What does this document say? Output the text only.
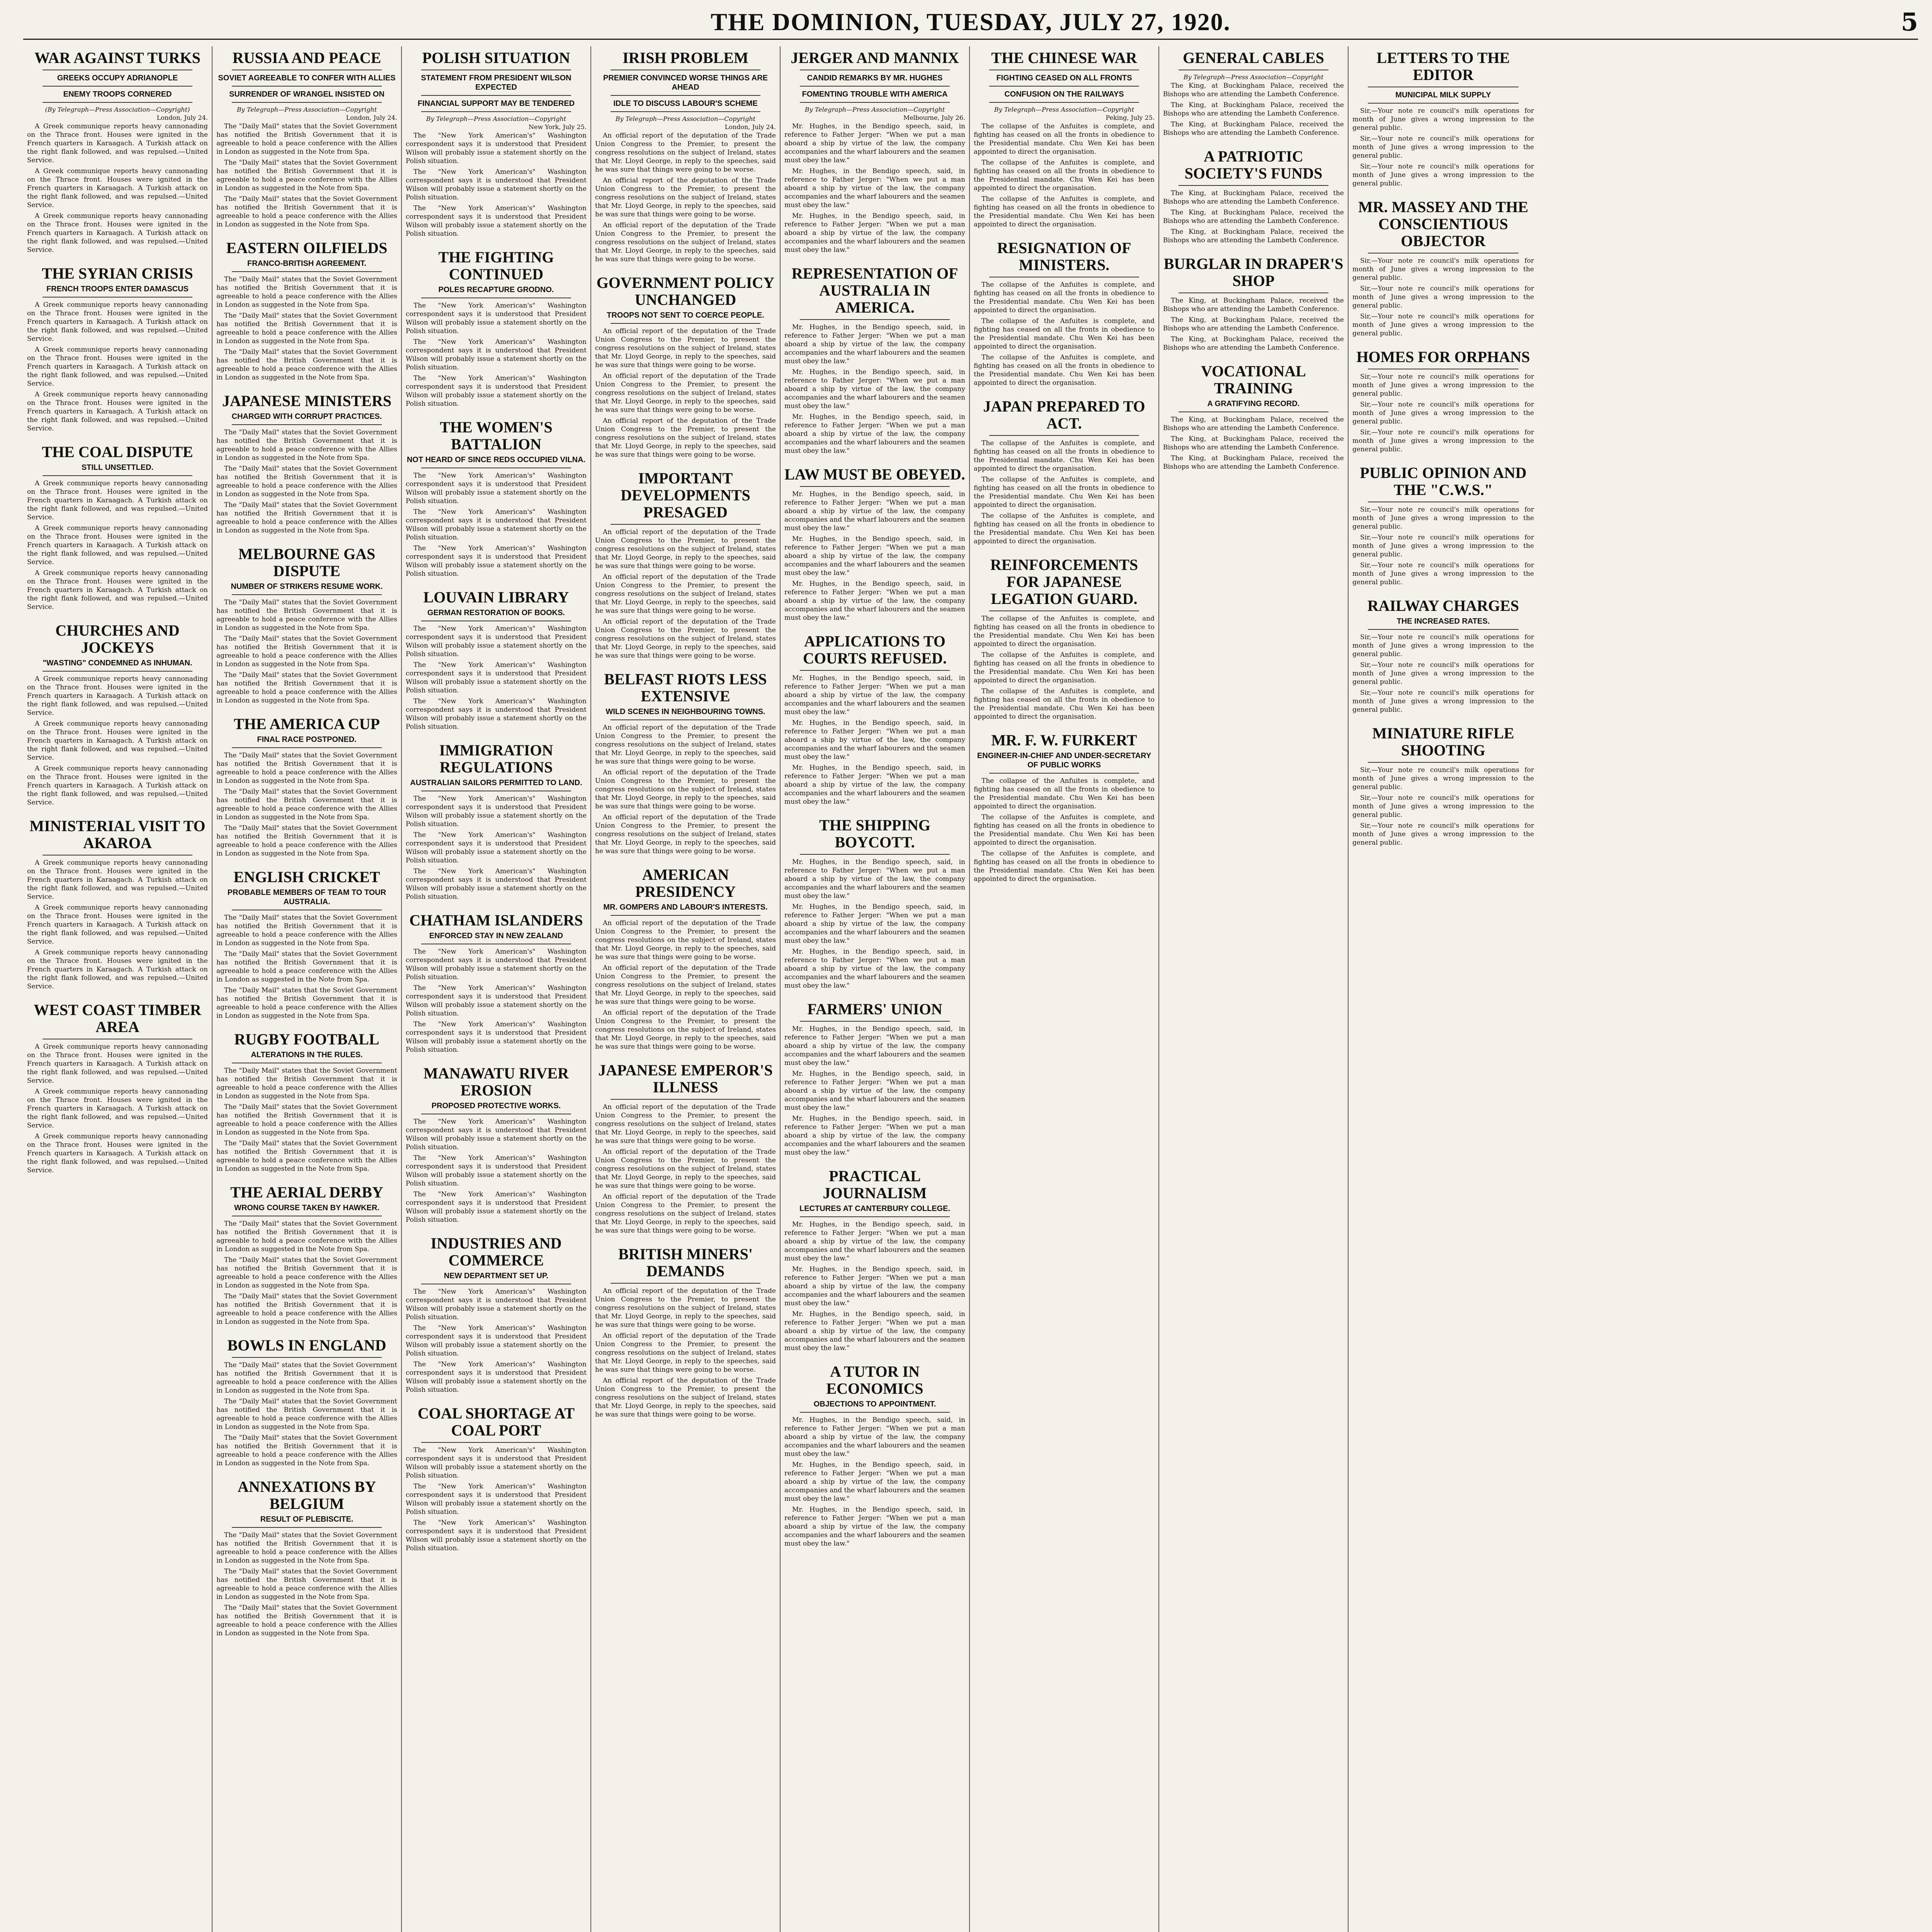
THE DOMINION, TUESDAY, JULY 27, 1920.	5
WAR AGAINST TURKS
GREEKS OCCUPY ADRIANOPLE
ENEMY TROOPS CORNERED
(By Telegraph—Press Association—Copyright)
London, July 24.

A Greek communique reports heavy cannonading on the Thrace front. Houses were ignited in the French quarters in Karaagach. A Turkish attack on the right flank followed, and was repulsed.—United Service.

A Greek communique reports heavy cannonading on the Thrace front. Houses were ignited in the French quarters in Karaagach. A Turkish attack on the right flank followed, and was repulsed.—United Service.

A Greek communique reports heavy cannonading on the Thrace front. Houses were ignited in the French quarters in Karaagach. A Turkish attack on the right flank followed, and was repulsed.—United Service.

THE SYRIAN CRISIS
FRENCH TROOPS ENTER DAMASCUS

A Greek communique reports heavy cannonading on the Thrace front. Houses were ignited in the French quarters in Karaagach. A Turkish attack on the right flank followed, and was repulsed.—United Service.

A Greek communique reports heavy cannonading on the Thrace front. Houses were ignited in the French quarters in Karaagach. A Turkish attack on the right flank followed, and was repulsed.—United Service.

A Greek communique reports heavy cannonading on the Thrace front. Houses were ignited in the French quarters in Karaagach. A Turkish attack on the right flank followed, and was repulsed.—United Service.

THE COAL DISPUTE
STILL UNSETTLED.

A Greek communique reports heavy cannonading on the Thrace front. Houses were ignited in the French quarters in Karaagach. A Turkish attack on the right flank followed, and was repulsed.—United Service.

A Greek communique reports heavy cannonading on the Thrace front. Houses were ignited in the French quarters in Karaagach. A Turkish attack on the right flank followed, and was repulsed.—United Service.

A Greek communique reports heavy cannonading on the Thrace front. Houses were ignited in the French quarters in Karaagach. A Turkish attack on the right flank followed, and was repulsed.—United Service.

CHURCHES AND JOCKEYS
"WASTING" CONDEMNED AS INHUMAN.

A Greek communique reports heavy cannonading on the Thrace front. Houses were ignited in the French quarters in Karaagach. A Turkish attack on the right flank followed, and was repulsed.—United Service.

A Greek communique reports heavy cannonading on the Thrace front. Houses were ignited in the French quarters in Karaagach. A Turkish attack on the right flank followed, and was repulsed.—United Service.

A Greek communique reports heavy cannonading on the Thrace front. Houses were ignited in the French quarters in Karaagach. A Turkish attack on the right flank followed, and was repulsed.—United Service.

MINISTERIAL VISIT TO AKAROA

A Greek communique reports heavy cannonading on the Thrace front. Houses were ignited in the French quarters in Karaagach. A Turkish attack on the right flank followed, and was repulsed.—United Service.

A Greek communique reports heavy cannonading on the Thrace front. Houses were ignited in the French quarters in Karaagach. A Turkish attack on the right flank followed, and was repulsed.—United Service.

A Greek communique reports heavy cannonading on the Thrace front. Houses were ignited in the French quarters in Karaagach. A Turkish attack on the right flank followed, and was repulsed.—United Service.

WEST COAST TIMBER AREA

A Greek communique reports heavy cannonading on the Thrace front. Houses were ignited in the French quarters in Karaagach. A Turkish attack on the right flank followed, and was repulsed.—United Service.

A Greek communique reports heavy cannonading on the Thrace front. Houses were ignited in the French quarters in Karaagach. A Turkish attack on the right flank followed, and was repulsed.—United Service.

A Greek communique reports heavy cannonading on the Thrace front. Houses were ignited in the French quarters in Karaagach. A Turkish attack on the right flank followed, and was repulsed.—United Service.

RUSSIA AND PEACE
SOVIET AGREEABLE TO CONFER WITH ALLIES
SURRENDER OF WRANGEL INSISTED ON
By Telegraph—Press Association—Copyright
London, July 24.

The "Daily Mail" states that the Soviet Government has notified the British Government that it is agreeable to hold a peace conference with the Allies in London as suggested in the Note from Spa.

The "Daily Mail" states that the Soviet Government has notified the British Government that it is agreeable to hold a peace conference with the Allies in London as suggested in the Note from Spa.

The "Daily Mail" states that the Soviet Government has notified the British Government that it is agreeable to hold a peace conference with the Allies in London as suggested in the Note from Spa.

EASTERN OILFIELDS
FRANCO-BRITISH AGREEMENT.

The "Daily Mail" states that the Soviet Government has notified the British Government that it is agreeable to hold a peace conference with the Allies in London as suggested in the Note from Spa.

The "Daily Mail" states that the Soviet Government has notified the British Government that it is agreeable to hold a peace conference with the Allies in London as suggested in the Note from Spa.

The "Daily Mail" states that the Soviet Government has notified the British Government that it is agreeable to hold a peace conference with the Allies in London as suggested in the Note from Spa.

JAPANESE MINISTERS
CHARGED WITH CORRUPT PRACTICES.

The "Daily Mail" states that the Soviet Government has notified the British Government that it is agreeable to hold a peace conference with the Allies in London as suggested in the Note from Spa.

The "Daily Mail" states that the Soviet Government has notified the British Government that it is agreeable to hold a peace conference with the Allies in London as suggested in the Note from Spa.

The "Daily Mail" states that the Soviet Government has notified the British Government that it is agreeable to hold a peace conference with the Allies in London as suggested in the Note from Spa.

MELBOURNE GAS DISPUTE
NUMBER OF STRIKERS RESUME WORK.

The "Daily Mail" states that the Soviet Government has notified the British Government that it is agreeable to hold a peace conference with the Allies in London as suggested in the Note from Spa.

The "Daily Mail" states that the Soviet Government has notified the British Government that it is agreeable to hold a peace conference with the Allies in London as suggested in the Note from Spa.

The "Daily Mail" states that the Soviet Government has notified the British Government that it is agreeable to hold a peace conference with the Allies in London as suggested in the Note from Spa.

THE AMERICA CUP
FINAL RACE POSTPONED.

The "Daily Mail" states that the Soviet Government has notified the British Government that it is agreeable to hold a peace conference with the Allies in London as suggested in the Note from Spa.

The "Daily Mail" states that the Soviet Government has notified the British Government that it is agreeable to hold a peace conference with the Allies in London as suggested in the Note from Spa.

The "Daily Mail" states that the Soviet Government has notified the British Government that it is agreeable to hold a peace conference with the Allies in London as suggested in the Note from Spa.

ENGLISH CRICKET
PROBABLE MEMBERS OF TEAM TO TOUR AUSTRALIA.

The "Daily Mail" states that the Soviet Government has notified the British Government that it is agreeable to hold a peace conference with the Allies in London as suggested in the Note from Spa.

The "Daily Mail" states that the Soviet Government has notified the British Government that it is agreeable to hold a peace conference with the Allies in London as suggested in the Note from Spa.

The "Daily Mail" states that the Soviet Government has notified the British Government that it is agreeable to hold a peace conference with the Allies in London as suggested in the Note from Spa.

RUGBY FOOTBALL
ALTERATIONS IN THE RULES.

The "Daily Mail" states that the Soviet Government has notified the British Government that it is agreeable to hold a peace conference with the Allies in London as suggested in the Note from Spa.

The "Daily Mail" states that the Soviet Government has notified the British Government that it is agreeable to hold a peace conference with the Allies in London as suggested in the Note from Spa.

The "Daily Mail" states that the Soviet Government has notified the British Government that it is agreeable to hold a peace conference with the Allies in London as suggested in the Note from Spa.

THE AERIAL DERBY
WRONG COURSE TAKEN BY HAWKER.

The "Daily Mail" states that the Soviet Government has notified the British Government that it is agreeable to hold a peace conference with the Allies in London as suggested in the Note from Spa.

The "Daily Mail" states that the Soviet Government has notified the British Government that it is agreeable to hold a peace conference with the Allies in London as suggested in the Note from Spa.

The "Daily Mail" states that the Soviet Government has notified the British Government that it is agreeable to hold a peace conference with the Allies in London as suggested in the Note from Spa.

BOWLS IN ENGLAND

The "Daily Mail" states that the Soviet Government has notified the British Government that it is agreeable to hold a peace conference with the Allies in London as suggested in the Note from Spa.

The "Daily Mail" states that the Soviet Government has notified the British Government that it is agreeable to hold a peace conference with the Allies in London as suggested in the Note from Spa.

The "Daily Mail" states that the Soviet Government has notified the British Government that it is agreeable to hold a peace conference with the Allies in London as suggested in the Note from Spa.

ANNEXATIONS BY BELGIUM
RESULT OF PLEBISCITE.

The "Daily Mail" states that the Soviet Government has notified the British Government that it is agreeable to hold a peace conference with the Allies in London as suggested in the Note from Spa.

The "Daily Mail" states that the Soviet Government has notified the British Government that it is agreeable to hold a peace conference with the Allies in London as suggested in the Note from Spa.

The "Daily Mail" states that the Soviet Government has notified the British Government that it is agreeable to hold a peace conference with the Allies in London as suggested in the Note from Spa.

POLISH SITUATION
STATEMENT FROM PRESIDENT WILSON EXPECTED
FINANCIAL SUPPORT MAY BE TENDERED
By Telegraph—Press Association—Copyright
New York, July 25.

The "New York American's" Washington correspondent says it is understood that President Wilson will probably issue a statement shortly on the Polish situation.

The "New York American's" Washington correspondent says it is understood that President Wilson will probably issue a statement shortly on the Polish situation.

The "New York American's" Washington correspondent says it is understood that President Wilson will probably issue a statement shortly on the Polish situation.

THE FIGHTING CONTINUED
POLES RECAPTURE GRODNO.

The "New York American's" Washington correspondent says it is understood that President Wilson will probably issue a statement shortly on the Polish situation.

The "New York American's" Washington correspondent says it is understood that President Wilson will probably issue a statement shortly on the Polish situation.

The "New York American's" Washington correspondent says it is understood that President Wilson will probably issue a statement shortly on the Polish situation.

THE WOMEN'S BATTALION
NOT HEARD OF SINCE REDS OCCUPIED VILNA.

The "New York American's" Washington correspondent says it is understood that President Wilson will probably issue a statement shortly on the Polish situation.

The "New York American's" Washington correspondent says it is understood that President Wilson will probably issue a statement shortly on the Polish situation.

The "New York American's" Washington correspondent says it is understood that President Wilson will probably issue a statement shortly on the Polish situation.

LOUVAIN LIBRARY
GERMAN RESTORATION OF BOOKS.

The "New York American's" Washington correspondent says it is understood that President Wilson will probably issue a statement shortly on the Polish situation.

The "New York American's" Washington correspondent says it is understood that President Wilson will probably issue a statement shortly on the Polish situation.

The "New York American's" Washington correspondent says it is understood that President Wilson will probably issue a statement shortly on the Polish situation.

IMMIGRATION REGULATIONS
AUSTRALIAN SAILORS PERMITTED TO LAND.

The "New York American's" Washington correspondent says it is understood that President Wilson will probably issue a statement shortly on the Polish situation.

The "New York American's" Washington correspondent says it is understood that President Wilson will probably issue a statement shortly on the Polish situation.

The "New York American's" Washington correspondent says it is understood that President Wilson will probably issue a statement shortly on the Polish situation.

CHATHAM ISLANDERS
ENFORCED STAY IN NEW ZEALAND

The "New York American's" Washington correspondent says it is understood that President Wilson will probably issue a statement shortly on the Polish situation.

The "New York American's" Washington correspondent says it is understood that President Wilson will probably issue a statement shortly on the Polish situation.

The "New York American's" Washington correspondent says it is understood that President Wilson will probably issue a statement shortly on the Polish situation.

MANAWATU RIVER EROSION
PROPOSED PROTECTIVE WORKS.

The "New York American's" Washington correspondent says it is understood that President Wilson will probably issue a statement shortly on the Polish situation.

The "New York American's" Washington correspondent says it is understood that President Wilson will probably issue a statement shortly on the Polish situation.

The "New York American's" Washington correspondent says it is understood that President Wilson will probably issue a statement shortly on the Polish situation.

INDUSTRIES AND COMMERCE
NEW DEPARTMENT SET UP.

The "New York American's" Washington correspondent says it is understood that President Wilson will probably issue a statement shortly on the Polish situation.

The "New York American's" Washington correspondent says it is understood that President Wilson will probably issue a statement shortly on the Polish situation.

The "New York American's" Washington correspondent says it is understood that President Wilson will probably issue a statement shortly on the Polish situation.

COAL SHORTAGE AT COAL PORT

The "New York American's" Washington correspondent says it is understood that President Wilson will probably issue a statement shortly on the Polish situation.

The "New York American's" Washington correspondent says it is understood that President Wilson will probably issue a statement shortly on the Polish situation.

The "New York American's" Washington correspondent says it is understood that President Wilson will probably issue a statement shortly on the Polish situation.

IRISH PROBLEM
PREMIER CONVINCED WORSE THINGS ARE AHEAD
IDLE TO DISCUSS LABOUR'S SCHEME
By Telegraph—Press Association—Copyright
London, July 24.

An official report of the deputation of the Trade Union Congress to the Premier, to present the congress resolutions on the subject of Ireland, states that Mr. Lloyd George, in reply to the speeches, said he was sure that things were going to be worse.

An official report of the deputation of the Trade Union Congress to the Premier, to present the congress resolutions on the subject of Ireland, states that Mr. Lloyd George, in reply to the speeches, said he was sure that things were going to be worse.

An official report of the deputation of the Trade Union Congress to the Premier, to present the congress resolutions on the subject of Ireland, states that Mr. Lloyd George, in reply to the speeches, said he was sure that things were going to be worse.

GOVERNMENT POLICY UNCHANGED
TROOPS NOT SENT TO COERCE PEOPLE.

An official report of the deputation of the Trade Union Congress to the Premier, to present the congress resolutions on the subject of Ireland, states that Mr. Lloyd George, in reply to the speeches, said he was sure that things were going to be worse.

An official report of the deputation of the Trade Union Congress to the Premier, to present the congress resolutions on the subject of Ireland, states that Mr. Lloyd George, in reply to the speeches, said he was sure that things were going to be worse.

An official report of the deputation of the Trade Union Congress to the Premier, to present the congress resolutions on the subject of Ireland, states that Mr. Lloyd George, in reply to the speeches, said he was sure that things were going to be worse.

IMPORTANT DEVELOPMENTS PRESAGED

An official report of the deputation of the Trade Union Congress to the Premier, to present the congress resolutions on the subject of Ireland, states that Mr. Lloyd George, in reply to the speeches, said he was sure that things were going to be worse.

An official report of the deputation of the Trade Union Congress to the Premier, to present the congress resolutions on the subject of Ireland, states that Mr. Lloyd George, in reply to the speeches, said he was sure that things were going to be worse.

An official report of the deputation of the Trade Union Congress to the Premier, to present the congress resolutions on the subject of Ireland, states that Mr. Lloyd George, in reply to the speeches, said he was sure that things were going to be worse.

BELFAST RIOTS LESS EXTENSIVE
WILD SCENES IN NEIGHBOURING TOWNS.

An official report of the deputation of the Trade Union Congress to the Premier, to present the congress resolutions on the subject of Ireland, states that Mr. Lloyd George, in reply to the speeches, said he was sure that things were going to be worse.

An official report of the deputation of the Trade Union Congress to the Premier, to present the congress resolutions on the subject of Ireland, states that Mr. Lloyd George, in reply to the speeches, said he was sure that things were going to be worse.

An official report of the deputation of the Trade Union Congress to the Premier, to present the congress resolutions on the subject of Ireland, states that Mr. Lloyd George, in reply to the speeches, said he was sure that things were going to be worse.

AMERICAN PRESIDENCY
MR. GOMPERS AND LABOUR'S INTERESTS.

An official report of the deputation of the Trade Union Congress to the Premier, to present the congress resolutions on the subject of Ireland, states that Mr. Lloyd George, in reply to the speeches, said he was sure that things were going to be worse.

An official report of the deputation of the Trade Union Congress to the Premier, to present the congress resolutions on the subject of Ireland, states that Mr. Lloyd George, in reply to the speeches, said he was sure that things were going to be worse.

An official report of the deputation of the Trade Union Congress to the Premier, to present the congress resolutions on the subject of Ireland, states that Mr. Lloyd George, in reply to the speeches, said he was sure that things were going to be worse.

JAPANESE EMPEROR'S ILLNESS

An official report of the deputation of the Trade Union Congress to the Premier, to present the congress resolutions on the subject of Ireland, states that Mr. Lloyd George, in reply to the speeches, said he was sure that things were going to be worse.

An official report of the deputation of the Trade Union Congress to the Premier, to present the congress resolutions on the subject of Ireland, states that Mr. Lloyd George, in reply to the speeches, said he was sure that things were going to be worse.

An official report of the deputation of the Trade Union Congress to the Premier, to present the congress resolutions on the subject of Ireland, states that Mr. Lloyd George, in reply to the speeches, said he was sure that things were going to be worse.

BRITISH MINERS' DEMANDS

An official report of the deputation of the Trade Union Congress to the Premier, to present the congress resolutions on the subject of Ireland, states that Mr. Lloyd George, in reply to the speeches, said he was sure that things were going to be worse.

An official report of the deputation of the Trade Union Congress to the Premier, to present the congress resolutions on the subject of Ireland, states that Mr. Lloyd George, in reply to the speeches, said he was sure that things were going to be worse.

An official report of the deputation of the Trade Union Congress to the Premier, to present the congress resolutions on the subject of Ireland, states that Mr. Lloyd George, in reply to the speeches, said he was sure that things were going to be worse.

JERGER AND MANNIX
CANDID REMARKS BY MR. HUGHES
FOMENTING TROUBLE WITH AMERICA
By Telegraph—Press Association—Copyright
Melbourne, July 26.

Mr. Hughes, in the Bendigo speech, said, in reference to Father Jerger: "When we put a man aboard a ship by virtue of the law, the company accompanies and the wharf labourers and the seamen must obey the law."

Mr. Hughes, in the Bendigo speech, said, in reference to Father Jerger: "When we put a man aboard a ship by virtue of the law, the company accompanies and the wharf labourers and the seamen must obey the law."

Mr. Hughes, in the Bendigo speech, said, in reference to Father Jerger: "When we put a man aboard a ship by virtue of the law, the company accompanies and the wharf labourers and the seamen must obey the law."

REPRESENTATION OF AUSTRALIA IN AMERICA.

Mr. Hughes, in the Bendigo speech, said, in reference to Father Jerger: "When we put a man aboard a ship by virtue of the law, the company accompanies and the wharf labourers and the seamen must obey the law."

Mr. Hughes, in the Bendigo speech, said, in reference to Father Jerger: "When we put a man aboard a ship by virtue of the law, the company accompanies and the wharf labourers and the seamen must obey the law."

Mr. Hughes, in the Bendigo speech, said, in reference to Father Jerger: "When we put a man aboard a ship by virtue of the law, the company accompanies and the wharf labourers and the seamen must obey the law."

LAW MUST BE OBEYED.

Mr. Hughes, in the Bendigo speech, said, in reference to Father Jerger: "When we put a man aboard a ship by virtue of the law, the company accompanies and the wharf labourers and the seamen must obey the law."

Mr. Hughes, in the Bendigo speech, said, in reference to Father Jerger: "When we put a man aboard a ship by virtue of the law, the company accompanies and the wharf labourers and the seamen must obey the law."

Mr. Hughes, in the Bendigo speech, said, in reference to Father Jerger: "When we put a man aboard a ship by virtue of the law, the company accompanies and the wharf labourers and the seamen must obey the law."

APPLICATIONS TO COURTS REFUSED.

Mr. Hughes, in the Bendigo speech, said, in reference to Father Jerger: "When we put a man aboard a ship by virtue of the law, the company accompanies and the wharf labourers and the seamen must obey the law."

Mr. Hughes, in the Bendigo speech, said, in reference to Father Jerger: "When we put a man aboard a ship by virtue of the law, the company accompanies and the wharf labourers and the seamen must obey the law."

Mr. Hughes, in the Bendigo speech, said, in reference to Father Jerger: "When we put a man aboard a ship by virtue of the law, the company accompanies and the wharf labourers and the seamen must obey the law."

THE SHIPPING BOYCOTT.

Mr. Hughes, in the Bendigo speech, said, in reference to Father Jerger: "When we put a man aboard a ship by virtue of the law, the company accompanies and the wharf labourers and the seamen must obey the law."

Mr. Hughes, in the Bendigo speech, said, in reference to Father Jerger: "When we put a man aboard a ship by virtue of the law, the company accompanies and the wharf labourers and the seamen must obey the law."

Mr. Hughes, in the Bendigo speech, said, in reference to Father Jerger: "When we put a man aboard a ship by virtue of the law, the company accompanies and the wharf labourers and the seamen must obey the law."

FARMERS' UNION

Mr. Hughes, in the Bendigo speech, said, in reference to Father Jerger: "When we put a man aboard a ship by virtue of the law, the company accompanies and the wharf labourers and the seamen must obey the law."

Mr. Hughes, in the Bendigo speech, said, in reference to Father Jerger: "When we put a man aboard a ship by virtue of the law, the company accompanies and the wharf labourers and the seamen must obey the law."

Mr. Hughes, in the Bendigo speech, said, in reference to Father Jerger: "When we put a man aboard a ship by virtue of the law, the company accompanies and the wharf labourers and the seamen must obey the law."

PRACTICAL JOURNALISM
LECTURES AT CANTERBURY COLLEGE.

Mr. Hughes, in the Bendigo speech, said, in reference to Father Jerger: "When we put a man aboard a ship by virtue of the law, the company accompanies and the wharf labourers and the seamen must obey the law."

Mr. Hughes, in the Bendigo speech, said, in reference to Father Jerger: "When we put a man aboard a ship by virtue of the law, the company accompanies and the wharf labourers and the seamen must obey the law."

Mr. Hughes, in the Bendigo speech, said, in reference to Father Jerger: "When we put a man aboard a ship by virtue of the law, the company accompanies and the wharf labourers and the seamen must obey the law."

A TUTOR IN ECONOMICS
OBJECTIONS TO APPOINTMENT.

Mr. Hughes, in the Bendigo speech, said, in reference to Father Jerger: "When we put a man aboard a ship by virtue of the law, the company accompanies and the wharf labourers and the seamen must obey the law."

Mr. Hughes, in the Bendigo speech, said, in reference to Father Jerger: "When we put a man aboard a ship by virtue of the law, the company accompanies and the wharf labourers and the seamen must obey the law."

Mr. Hughes, in the Bendigo speech, said, in reference to Father Jerger: "When we put a man aboard a ship by virtue of the law, the company accompanies and the wharf labourers and the seamen must obey the law."

THE CHINESE WAR
FIGHTING CEASED ON ALL FRONTS
CONFUSION ON THE RAILWAYS
By Telegraph—Press Association—Copyright
Peking, July 25.

The collapse of the Anfuites is complete, and fighting has ceased on all the fronts in obedience to the Presidential mandate. Chu Wen Kei has been appointed to direct the organisation.

The collapse of the Anfuites is complete, and fighting has ceased on all the fronts in obedience to the Presidential mandate. Chu Wen Kei has been appointed to direct the organisation.

The collapse of the Anfuites is complete, and fighting has ceased on all the fronts in obedience to the Presidential mandate. Chu Wen Kei has been appointed to direct the organisation.

RESIGNATION OF MINISTERS.

The collapse of the Anfuites is complete, and fighting has ceased on all the fronts in obedience to the Presidential mandate. Chu Wen Kei has been appointed to direct the organisation.

The collapse of the Anfuites is complete, and fighting has ceased on all the fronts in obedience to the Presidential mandate. Chu Wen Kei has been appointed to direct the organisation.

The collapse of the Anfuites is complete, and fighting has ceased on all the fronts in obedience to the Presidential mandate. Chu Wen Kei has been appointed to direct the organisation.

JAPAN PREPARED TO ACT.

The collapse of the Anfuites is complete, and fighting has ceased on all the fronts in obedience to the Presidential mandate. Chu Wen Kei has been appointed to direct the organisation.

The collapse of the Anfuites is complete, and fighting has ceased on all the fronts in obedience to the Presidential mandate. Chu Wen Kei has been appointed to direct the organisation.

The collapse of the Anfuites is complete, and fighting has ceased on all the fronts in obedience to the Presidential mandate. Chu Wen Kei has been appointed to direct the organisation.

REINFORCEMENTS FOR JAPANESE LEGATION GUARD.

The collapse of the Anfuites is complete, and fighting has ceased on all the fronts in obedience to the Presidential mandate. Chu Wen Kei has been appointed to direct the organisation.

The collapse of the Anfuites is complete, and fighting has ceased on all the fronts in obedience to the Presidential mandate. Chu Wen Kei has been appointed to direct the organisation.

The collapse of the Anfuites is complete, and fighting has ceased on all the fronts in obedience to the Presidential mandate. Chu Wen Kei has been appointed to direct the organisation.

MR. F. W. FURKERT
ENGINEER-IN-CHIEF AND UNDER-SECRETARY OF PUBLIC WORKS

The collapse of the Anfuites is complete, and fighting has ceased on all the fronts in obedience to the Presidential mandate. Chu Wen Kei has been appointed to direct the organisation.

The collapse of the Anfuites is complete, and fighting has ceased on all the fronts in obedience to the Presidential mandate. Chu Wen Kei has been appointed to direct the organisation.

The collapse of the Anfuites is complete, and fighting has ceased on all the fronts in obedience to the Presidential mandate. Chu Wen Kei has been appointed to direct the organisation.

GENERAL CABLES
By Telegraph—Press Association—Copyright

The King, at Buckingham Palace, received the Bishops who are attending the Lambeth Conference.

The King, at Buckingham Palace, received the Bishops who are attending the Lambeth Conference.

The King, at Buckingham Palace, received the Bishops who are attending the Lambeth Conference.

A PATRIOTIC SOCIETY'S FUNDS

The King, at Buckingham Palace, received the Bishops who are attending the Lambeth Conference.

The King, at Buckingham Palace, received the Bishops who are attending the Lambeth Conference.

The King, at Buckingham Palace, received the Bishops who are attending the Lambeth Conference.

BURGLAR IN DRAPER'S SHOP

The King, at Buckingham Palace, received the Bishops who are attending the Lambeth Conference.

The King, at Buckingham Palace, received the Bishops who are attending the Lambeth Conference.

The King, at Buckingham Palace, received the Bishops who are attending the Lambeth Conference.

VOCATIONAL TRAINING
A GRATIFYING RECORD.

The King, at Buckingham Palace, received the Bishops who are attending the Lambeth Conference.

The King, at Buckingham Palace, received the Bishops who are attending the Lambeth Conference.

The King, at Buckingham Palace, received the Bishops who are attending the Lambeth Conference.

LETTERS TO THE EDITOR
MUNICIPAL MILK SUPPLY

Sir,—Your note re council's milk operations for month of June gives a wrong impression to the general public.

Sir,—Your note re council's milk operations for month of June gives a wrong impression to the general public.

Sir,—Your note re council's milk operations for month of June gives a wrong impression to the general public.

MR. MASSEY AND THE CONSCIENTIOUS OBJECTOR

Sir,—Your note re council's milk operations for month of June gives a wrong impression to the general public.

Sir,—Your note re council's milk operations for month of June gives a wrong impression to the general public.

Sir,—Your note re council's milk operations for month of June gives a wrong impression to the general public.

HOMES FOR ORPHANS

Sir,—Your note re council's milk operations for month of June gives a wrong impression to the general public.

Sir,—Your note re council's milk operations for month of June gives a wrong impression to the general public.

Sir,—Your note re council's milk operations for month of June gives a wrong impression to the general public.

PUBLIC OPINION AND THE "C.W.S."

Sir,—Your note re council's milk operations for month of June gives a wrong impression to the general public.

Sir,—Your note re council's milk operations for month of June gives a wrong impression to the general public.

Sir,—Your note re council's milk operations for month of June gives a wrong impression to the general public.

RAILWAY CHARGES
THE INCREASED RATES.

Sir,—Your note re council's milk operations for month of June gives a wrong impression to the general public.

Sir,—Your note re council's milk operations for month of June gives a wrong impression to the general public.

Sir,—Your note re council's milk operations for month of June gives a wrong impression to the general public.

MINIATURE RIFLE SHOOTING

Sir,—Your note re council's milk operations for month of June gives a wrong impression to the general public.

Sir,—Your note re council's milk operations for month of June gives a wrong impression to the general public.

Sir,—Your note re council's milk operations for month of June gives a wrong impression to the general public.
